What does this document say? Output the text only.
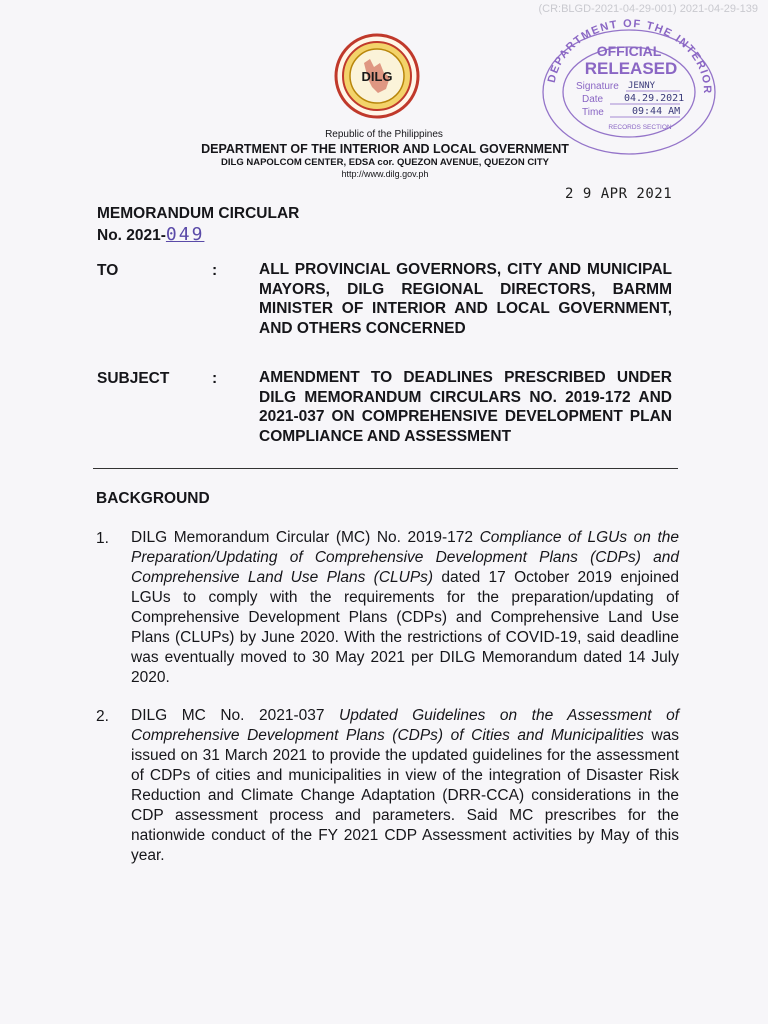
(CR:BLGD-2021-04-29-001) 2021-04-29-139
DILG	DEPARTMENT OF THE INTERIOR
OFFICIAL
RELEASED
Signature JENNY
Date 04.29.2021
Time	09:44 AM
RECORDS SECTION
Republic of the Philippines
DEPARTMENT OF THE INTERIOR AND LOCAL GOVERNMENT
DILG NAPOLCOM CENTER, EDSA cor. QUEZON AVENUE, QUEZON CITY
http://www.dilg.gov.ph
2 9 APR 2021
MEMORANDUM CIRCULAR
No. 2021-049
TO	:	ALL PROVINCIAL GOVERNORS, CITY AND MUNICIPAL MAYORS, DILG REGIONAL DIRECTORS, BARMM MINISTER OF INTERIOR AND LOCAL GOVERNMENT, AND OTHERS CONCERNED
SUBJECT	:	AMENDMENT TO DEADLINES PRESCRIBED UNDER DILG MEMORANDUM CIRCULARS NO. 2019-172 AND 2021-037 ON COMPREHENSIVE DEVELOPMENT PLAN COMPLIANCE AND ASSESSMENT
BACKGROUND
1. DILG Memorandum Circular (MC) No. 2019-172 Compliance of LGUs on the Preparation/Updating of Comprehensive Development Plans (CDPs) and Comprehensive Land Use Plans (CLUPs) dated 17 October 2019 enjoined LGUs to comply with the requirements for the preparation/updating of Comprehensive Development Plans (CDPs) and Comprehensive Land Use Plans (CLUPs) by June 2020. With the restrictions of COVID-19, said deadline was eventually moved to 30 May 2021 per DILG Memorandum dated 14 July 2020.
2. DILG MC No. 2021-037 Updated Guidelines on the Assessment of Comprehensive Development Plans (CDPs) of Cities and Municipalities was issued on 31 March 2021 to provide the updated guidelines for the assessment of CDPs of cities and municipalities in view of the integration of Disaster Risk Reduction and Climate Change Adaptation (DRR-CCA) considerations in the CDP assessment process and parameters. Said MC prescribes for the nationwide conduct of the FY 2021 CDP Assessment activities by May of this year.
